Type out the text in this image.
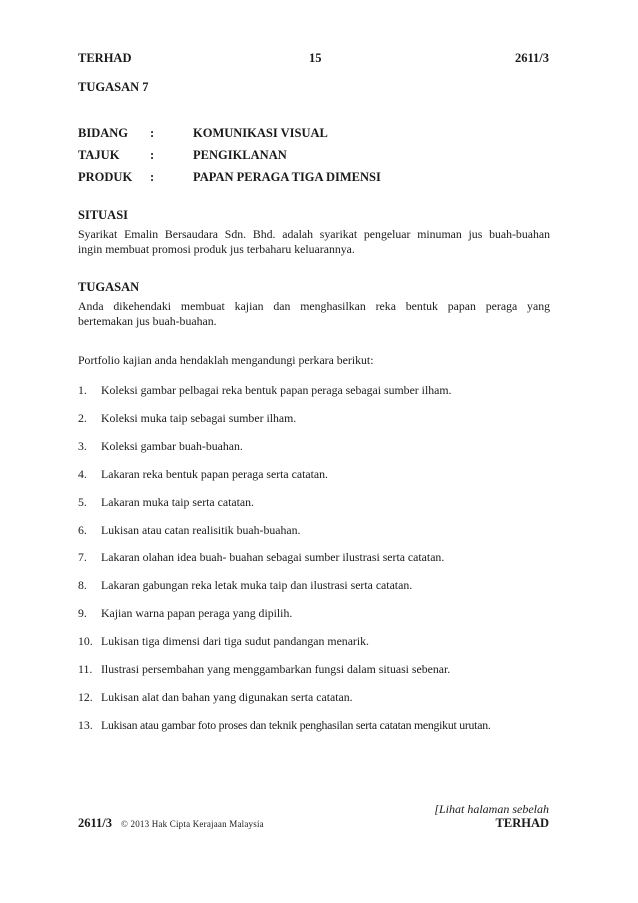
TERHAD	15	2611/3
TUGASAN 7
BIDANG :	KOMUNIKASI VISUAL
TAJUK :	PENGIKLANAN
PRODUK :	PAPAN PERAGA TIGA DIMENSI
SITUASI
Syarikat Emalin Bersaudara Sdn. Bhd. adalah syarikat pengeluar minuman jus buah-buahan
ingin membuat promosi produk jus terbaharu keluarannya.
TUGASAN
Anda dikehendaki membuat kajian dan menghasilkan reka bentuk papan peraga yang
bertemakan jus buah-buahan.
Portfolio kajian anda hendaklah mengandungi perkara berikut:
1. Koleksi gambar pelbagai reka bentuk papan peraga sebagai sumber ilham.
2. Koleksi muka taip sebagai sumber ilham.
3. Koleksi gambar buah-buahan.
4. Lakaran reka bentuk papan peraga serta catatan.
5. Lakaran muka taip serta catatan.
6. Lukisan atau catan realisitik buah-buahan.
7. Lakaran olahan idea buah- buahan sebagai sumber ilustrasi serta catatan.
8. Lakaran gabungan reka letak muka taip dan ilustrasi serta catatan.
9. Kajian warna papan peraga yang dipilih.
10. Lukisan tiga dimensi dari tiga sudut pandangan menarik.
11. Ilustrasi persembahan yang menggambarkan fungsi dalam situasi sebenar.
12. Lukisan alat dan bahan yang digunakan serta catatan.
13. Lukisan atau gambar foto proses dan teknik penghasilan serta catatan mengikut urutan.
[Lihat halaman sebelah
2611/3 © 2013 Hak Cipta Kerajaan Malaysia	TERHAD
